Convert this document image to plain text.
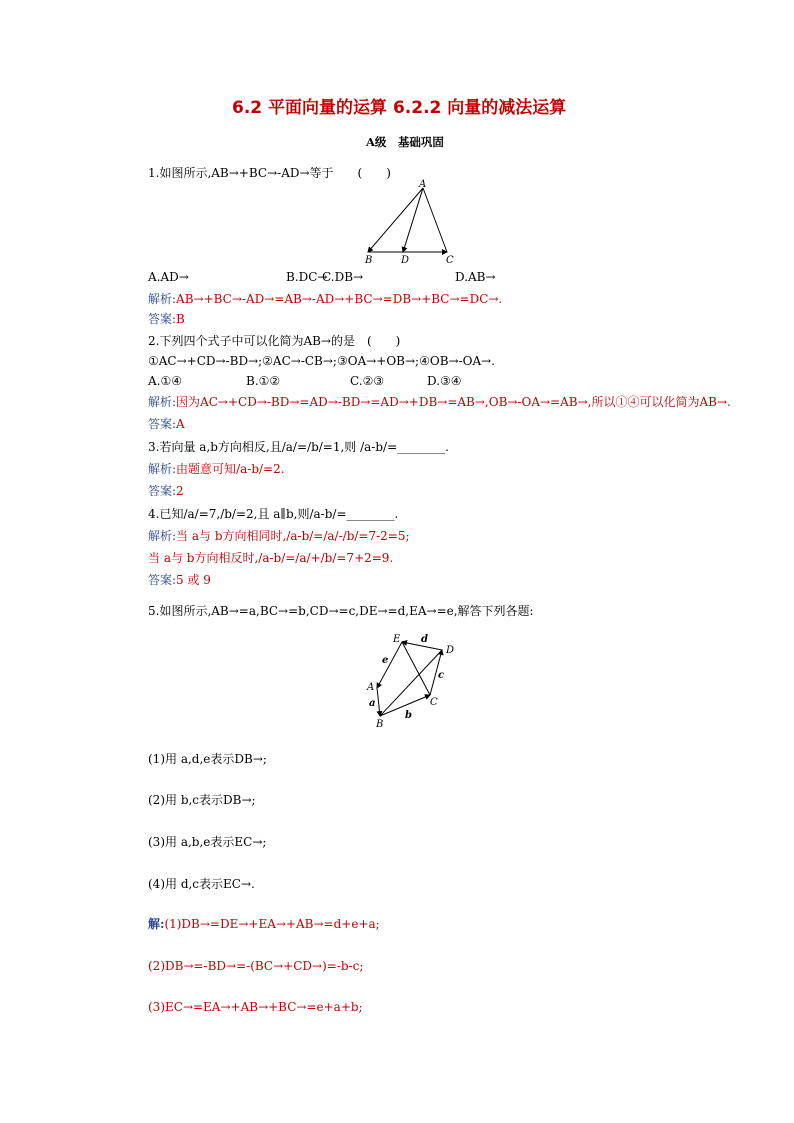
6.2 平面向量的运算 6.2.2 向量的减法运算
A级　基础巩固
1.如图所示,AB→+BC→-AD→等于　　(　　)
A
B	D	C
A.AD→	B.DC→
C.DB→	D.AB→
解析:AB→+BC→-AD→=AB→-AD→+BC→=DB→+BC→=DC→.
答案:B
2.下列四个式子中可以化简为AB→的是　(　　)
①AC→+CD→-BD→;②AC→-CB→;③OA→+OB→;④OB→-OA→.
A.①④	B.①②	C.②③	D.③④
解析:因为AC→+CD→-BD→=AD→-BD→=AD→+DB→=AB→,OB→-OA→=AB→,所以①④可以化简为AB→.
答案:A
3.若向量 a,b方向相反,且/a/=/b/=1,则 /a-b/=________.
解析:由题意可知/a-b/=2.
答案:2
4.已知/a/=7,/b/=2,且 a∥b,则/a-b/=________.
解析:当 a与 b方向相同时,/a-b/=/a/-/b/=7-2=5;
当 a与 b方向相反时,/a-b/=/a/+/b/=7+2=9.
答案:5 或 9
5.如图所示,AB→=a,BC→=b,CD→=c,DE→=d,EA→=e,解答下列各题:
E d
D
e
c
A
a	C
b
B
(1)用 a,d,e表示DB→;
(2)用 b,c表示DB→;
(3)用 a,b,e表示EC→;
(4)用 d,c表示EC→.
解:(1)DB→=DE→+EA→+AB→=d+e+a;
(2)DB→=-BD→=-(BC→+CD→)=-b-c;
(3)EC→=EA→+AB→+BC→=e+a+b;
